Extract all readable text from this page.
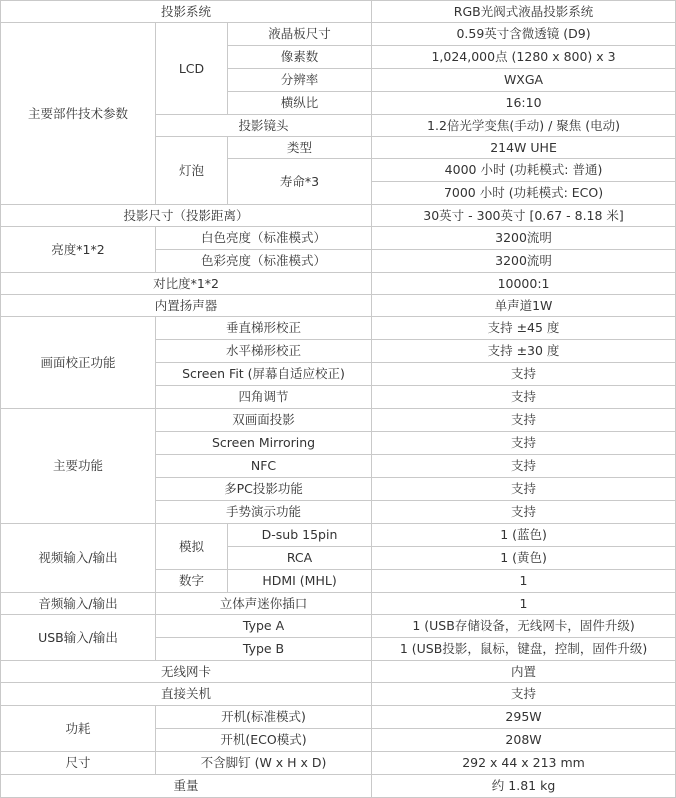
投影系统			RGB光阀式液晶投影系统
主要部件技术参数	LCD	液晶板尺寸	0.59英寸含微透镜 (D9)
		像素数	1,024,000点 (1280 x 800) x 3
		分辨率	WXGA
		横纵比	16:10
	投影镜头		1.2倍光学变焦(手动) / 聚焦 (电动)
	灯泡	类型	214W UHE
		寿命*3	4000 小时 (功耗模式: 普通)
			7000 小时 (功耗模式: ECO)
投影尺寸（投影距离）			30英寸 - 300英寸 [0.67 - 8.18 米]
亮度*1*2	白色亮度（标准模式）		3200流明
	色彩亮度（标准模式）		3200流明
对比度*1*2			10000:1
内置扬声器			单声道1W
画面校正功能	垂直梯形校正		支持 ±45 度
	水平梯形校正		支持 ±30 度
	Screen Fit (屏幕自适应校正)		支持
	四角调节		支持
主要功能	双画面投影		支持
	Screen Mirroring		支持
	NFC		支持
	多PC投影功能		支持
	手势演示功能		支持
视频输入/输出	模拟	D-sub 15pin	1 (蓝色)
		RCA	1 (黄色)
	数字	HDMI (MHL)	1
音频输入/输出	立体声迷你插口		1
USB输入/输出	Type A		1 (USB存储设备，无线网卡，固件升级)
	Type B		1 (USB投影，鼠标，键盘，控制，固件升级)
无线网卡			内置
直接关机			支持
功耗	开机(标准模式)		295W
	开机(ECO模式)		208W
尺寸	不含脚钉 (W x H x D)		292 x 44 x 213 mm
重量			约 1.81 kg
